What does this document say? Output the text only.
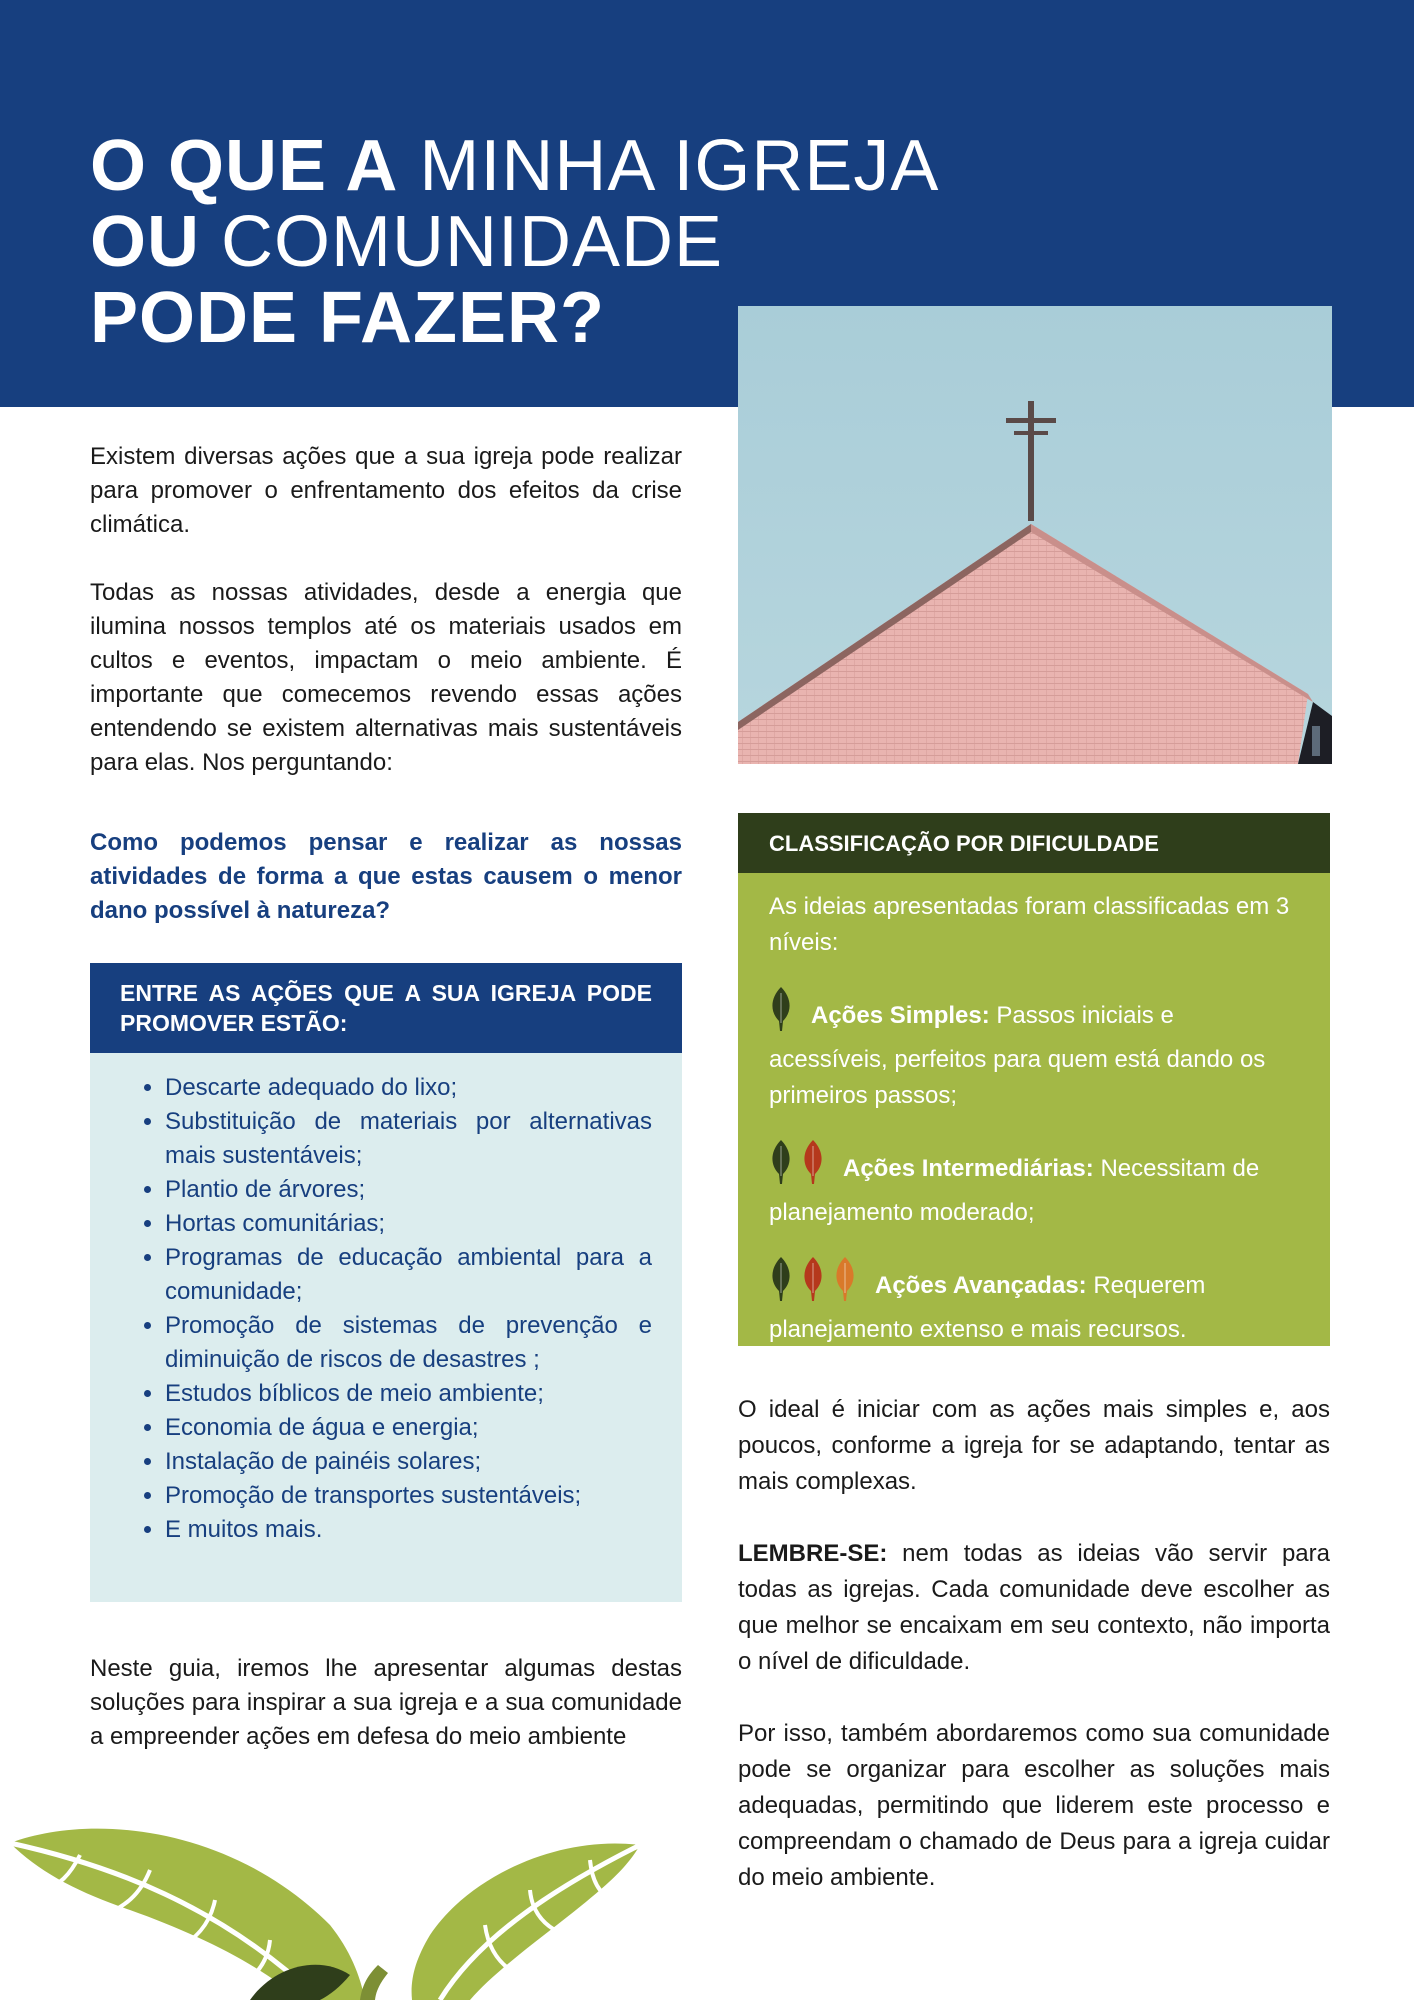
O QUE A MINHA IGREJA
OU COMUNIDADE
PODE FAZER?

Existem diversas ações que a sua igreja pode realizar para promover o enfrentamento dos efeitos da crise climática.

Todas as nossas atividades, desde a energia que ilumina nossos templos até os materiais usados em cultos e eventos, impactam o meio ambiente. É importante que comecemos revendo essas ações entendendo se existem alternativas mais sustentáveis para elas. Nos perguntando:

Como podemos pensar e realizar as nossas atividades de forma a que estas causem o menor dano possível à natureza?

ENTRE AS AÇÕES QUE A SUA IGREJA PODE PROMOVER ESTÃO:
• Descarte adequado do lixo;
• Substituição de materiais por alternativas mais sustentáveis;
• Plantio de árvores;
• Hortas comunitárias;
• Programas de educação ambiental para a comunidade;
• Promoção de sistemas de prevenção e diminuição de riscos de desastres ;
• Estudos bíblicos de meio ambiente;
• Economia de água e energia;
• Instalação de painéis solares;
• Promoção de transportes sustentáveis;
• E muitos mais.

Neste guia, iremos lhe apresentar algumas destas soluções para inspirar a sua igreja e a sua comunidade a empreender ações em defesa do meio ambiente

CLASSIFICAÇÃO POR DIFICULDADE

As ideias apresentadas foram classificadas em 3 níveis:

Ações Simples: Passos iniciais e acessíveis, perfeitos para quem está dando os primeiros passos;

Ações Intermediárias: Necessitam de planejamento moderado;

Ações Avançadas: Requerem planejamento extenso e mais recursos.

O ideal é iniciar com as ações mais simples e, aos poucos, conforme a igreja for se adaptando, tentar as mais complexas.

LEMBRE-SE: nem todas as ideias vão servir para todas as igrejas. Cada comunidade deve escolher as que melhor se encaixam em seu contexto, não importa o nível de dificuldade.

Por isso, também abordaremos como sua comunidade pode se organizar para escolher as soluções mais adequadas, permitindo que liderem este processo e compreendam o chamado de Deus para a igreja cuidar do meio ambiente.
